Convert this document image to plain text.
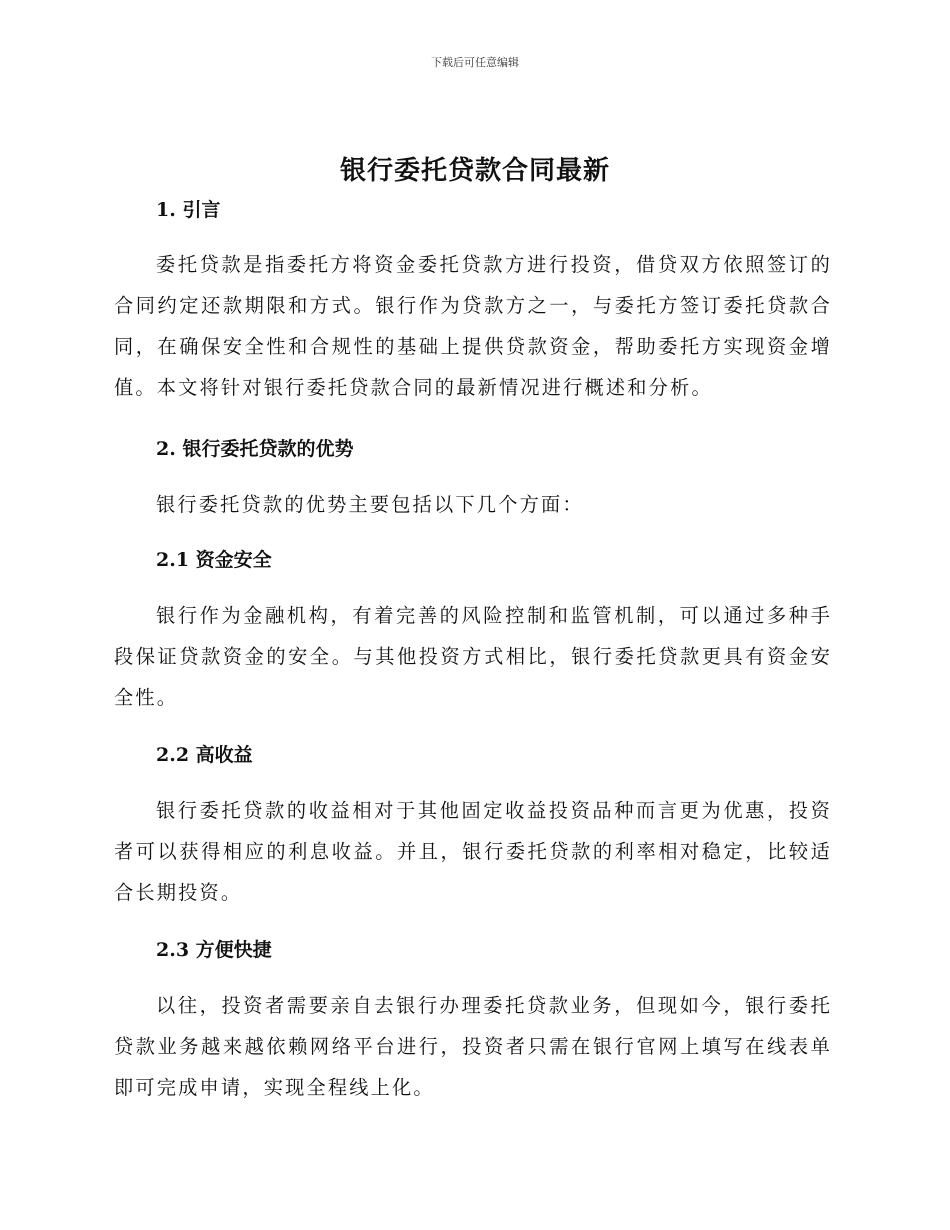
下载后可任意编辑
银行委托贷款合同最新
1. 引言

委托贷款是指委托方将资金委托贷款方进行投资，借贷双方依照签订的合同约定还款期限和方式。银行作为贷款方之一，与委托方签订委托贷款合同，在确保安全性和合规性的基础上提供贷款资金，帮助委托方实现资金增值。本文将针对银行委托贷款合同的最新情况进行概述和分析。

2. 银行委托贷款的优势

银行委托贷款的优势主要包括以下几个方面：

2.1 资金安全

银行作为金融机构，有着完善的风险控制和监管机制，可以通过多种手段保证贷款资金的安全。与其他投资方式相比，银行委托贷款更具有资金安全性。

2.2 高收益

银行委托贷款的收益相对于其他固定收益投资品种而言更为优惠，投资者可以获得相应的利息收益。并且，银行委托贷款的利率相对稳定，比较适合长期投资。

2.3 方便快捷

以往，投资者需要亲自去银行办理委托贷款业务，但现如今，银行委托贷款业务越来越依赖网络平台进行，投资者只需在银行官网上填写在线表单即可完成申请，实现全程线上化。
